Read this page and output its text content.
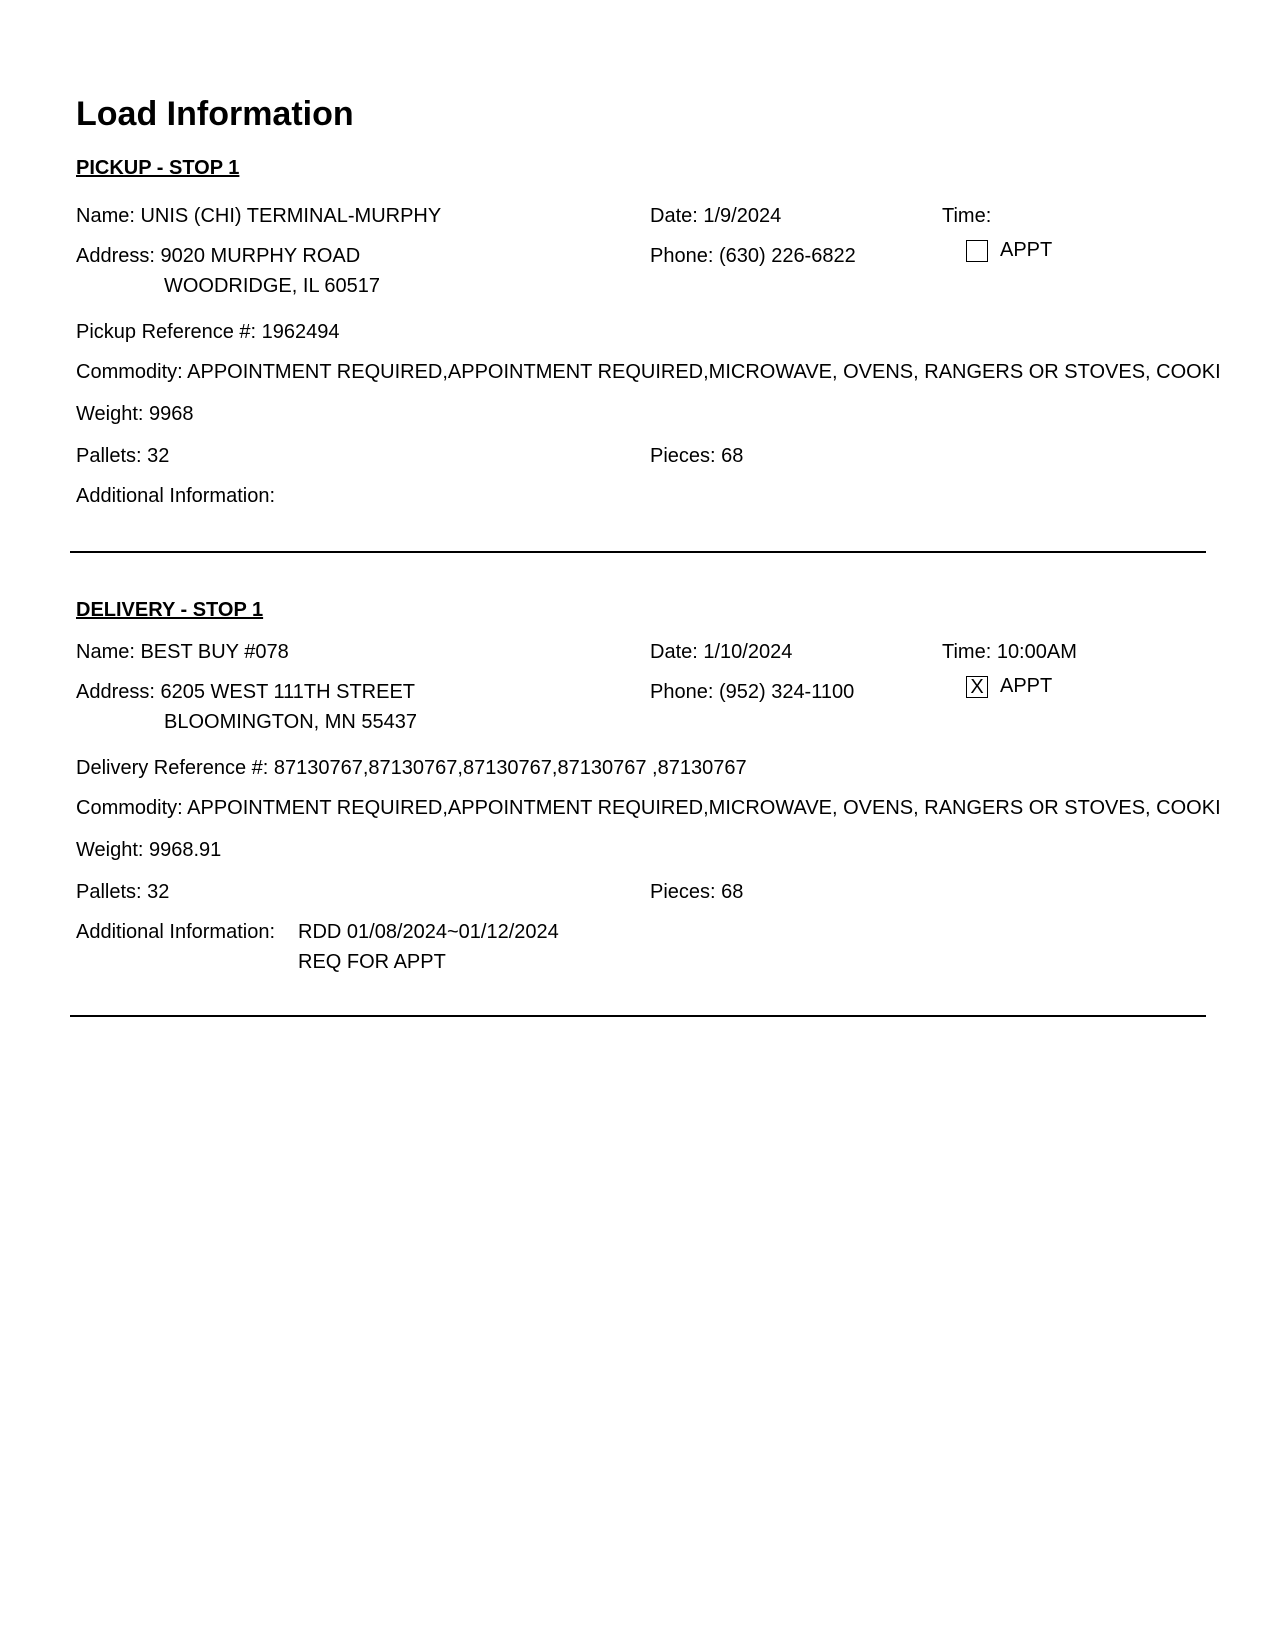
Load Information
PICKUP - STOP 1
Name: UNIS (CHI) TERMINAL-MURPHY	Date: 1/9/2024	Time:
Address: 9020 MURPHY ROAD
WOODRIDGE, IL 60517
Phone: (630) 226-6822	APPT
Pickup Reference #: 1962494
Commodity: APPOINTMENT REQUIRED,APPOINTMENT REQUIRED,MICROWAVE, OVENS, RANGERS OR STOVES, COOKI
Weight: 9968
Pallets: 32	Pieces: 68
Additional Information:
DELIVERY - STOP 1
Name: BEST BUY #078	Date: 1/10/2024	Time: 10:00AM
Address: 6205 WEST 111TH STREET
BLOOMINGTON, MN 55437
Phone: (952) 324-1100	X APPT
Delivery Reference #: 87130767,87130767,87130767,87130767 ,87130767
Commodity: APPOINTMENT REQUIRED,APPOINTMENT REQUIRED,MICROWAVE, OVENS, RANGERS OR STOVES, COOKI
Weight: 9968.91
Pallets: 32	Pieces: 68
Additional Information: RDD 01/08/2024~01/12/2024
REQ FOR APPT
